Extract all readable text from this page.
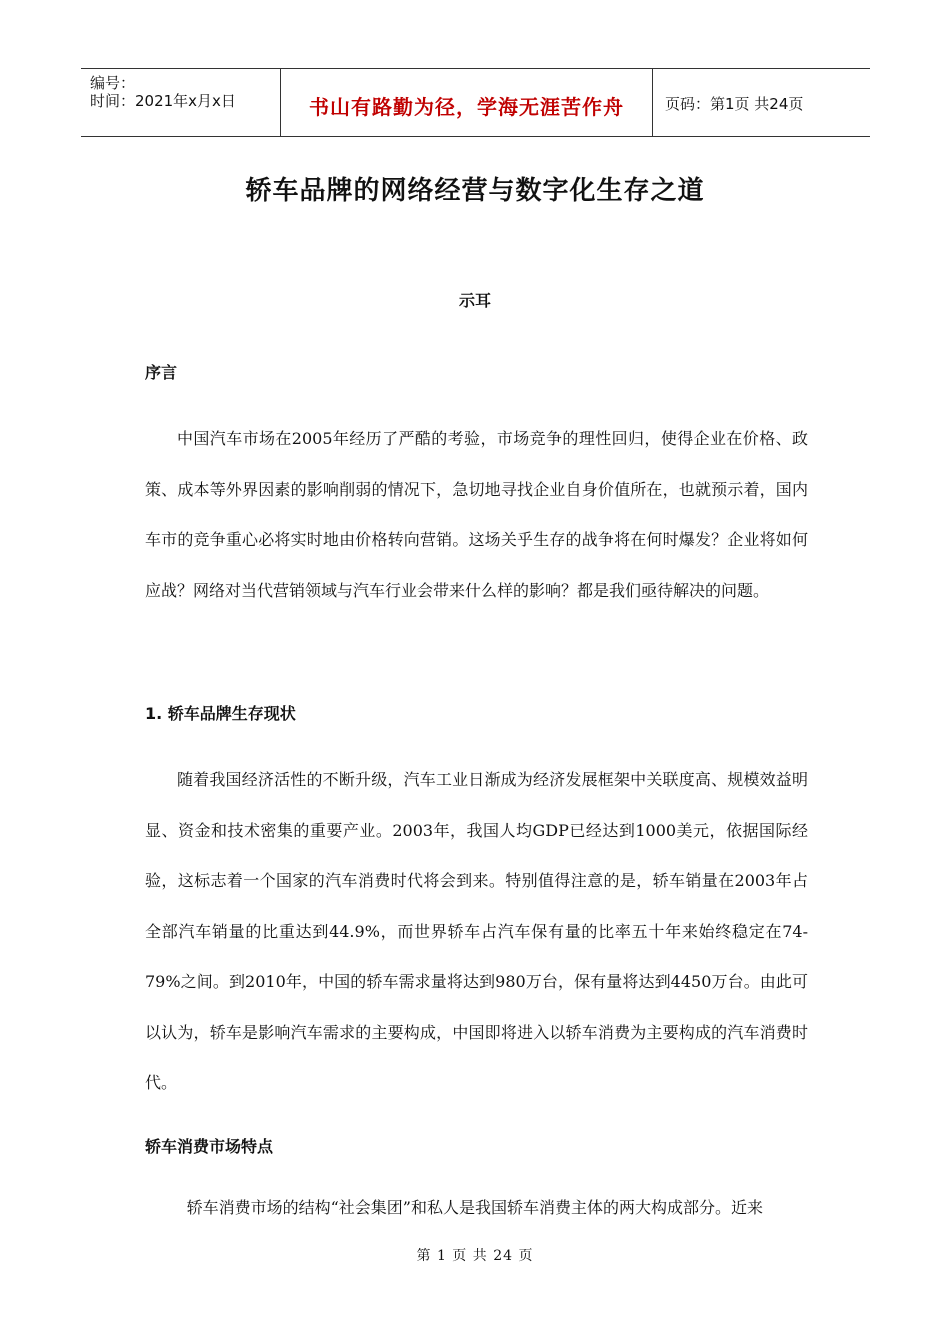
编号：
时间：2021年x月x日	书山有路勤为径，学海无涯苦作舟	页码：第1页 共24页
轿车品牌的网络经营与数字化生存之道
示耳
序言

中国汽车市场在2005年经历了严酷的考验，市场竞争的理性回归，使得企业在价格、政策、成本等外界因素的影响削弱的情况下，急切地寻找企业自身价值所在，也就预示着，国内车市的竞争重心必将实时地由价格转向营销。这场关乎生存的战争将在何时爆发？企业将如何应战？网络对当代营销领域与汽车行业会带来什么样的影响？都是我们亟待解决的问题。

1. 轿车品牌生存现状

随着我国经济活性的不断升级，汽车工业日渐成为经济发展框架中关联度高、规模效益明显、资金和技术密集的重要产业。2003年，我国人均GDP已经达到1000美元，依据国际经验，这标志着一个国家的汽车消费时代将会到来。特别值得注意的是，轿车销量在2003年占全部汽车销量的比重达到44.9%，而世界轿车占汽车保有量的比率五十年来始终稳定在74-79%之间。到2010年，中国的轿车需求量将达到980万台，保有量将达到4450万台。由此可以认为，轿车是影响汽车需求的主要构成，中国即将进入以轿车消费为主要构成的汽车消费时代。

轿车消费市场特点

轿车消费市场的结构“社会集团”和私人是我国轿车消费主体的两大构成部分。近来

第 1 页 共 24 页
